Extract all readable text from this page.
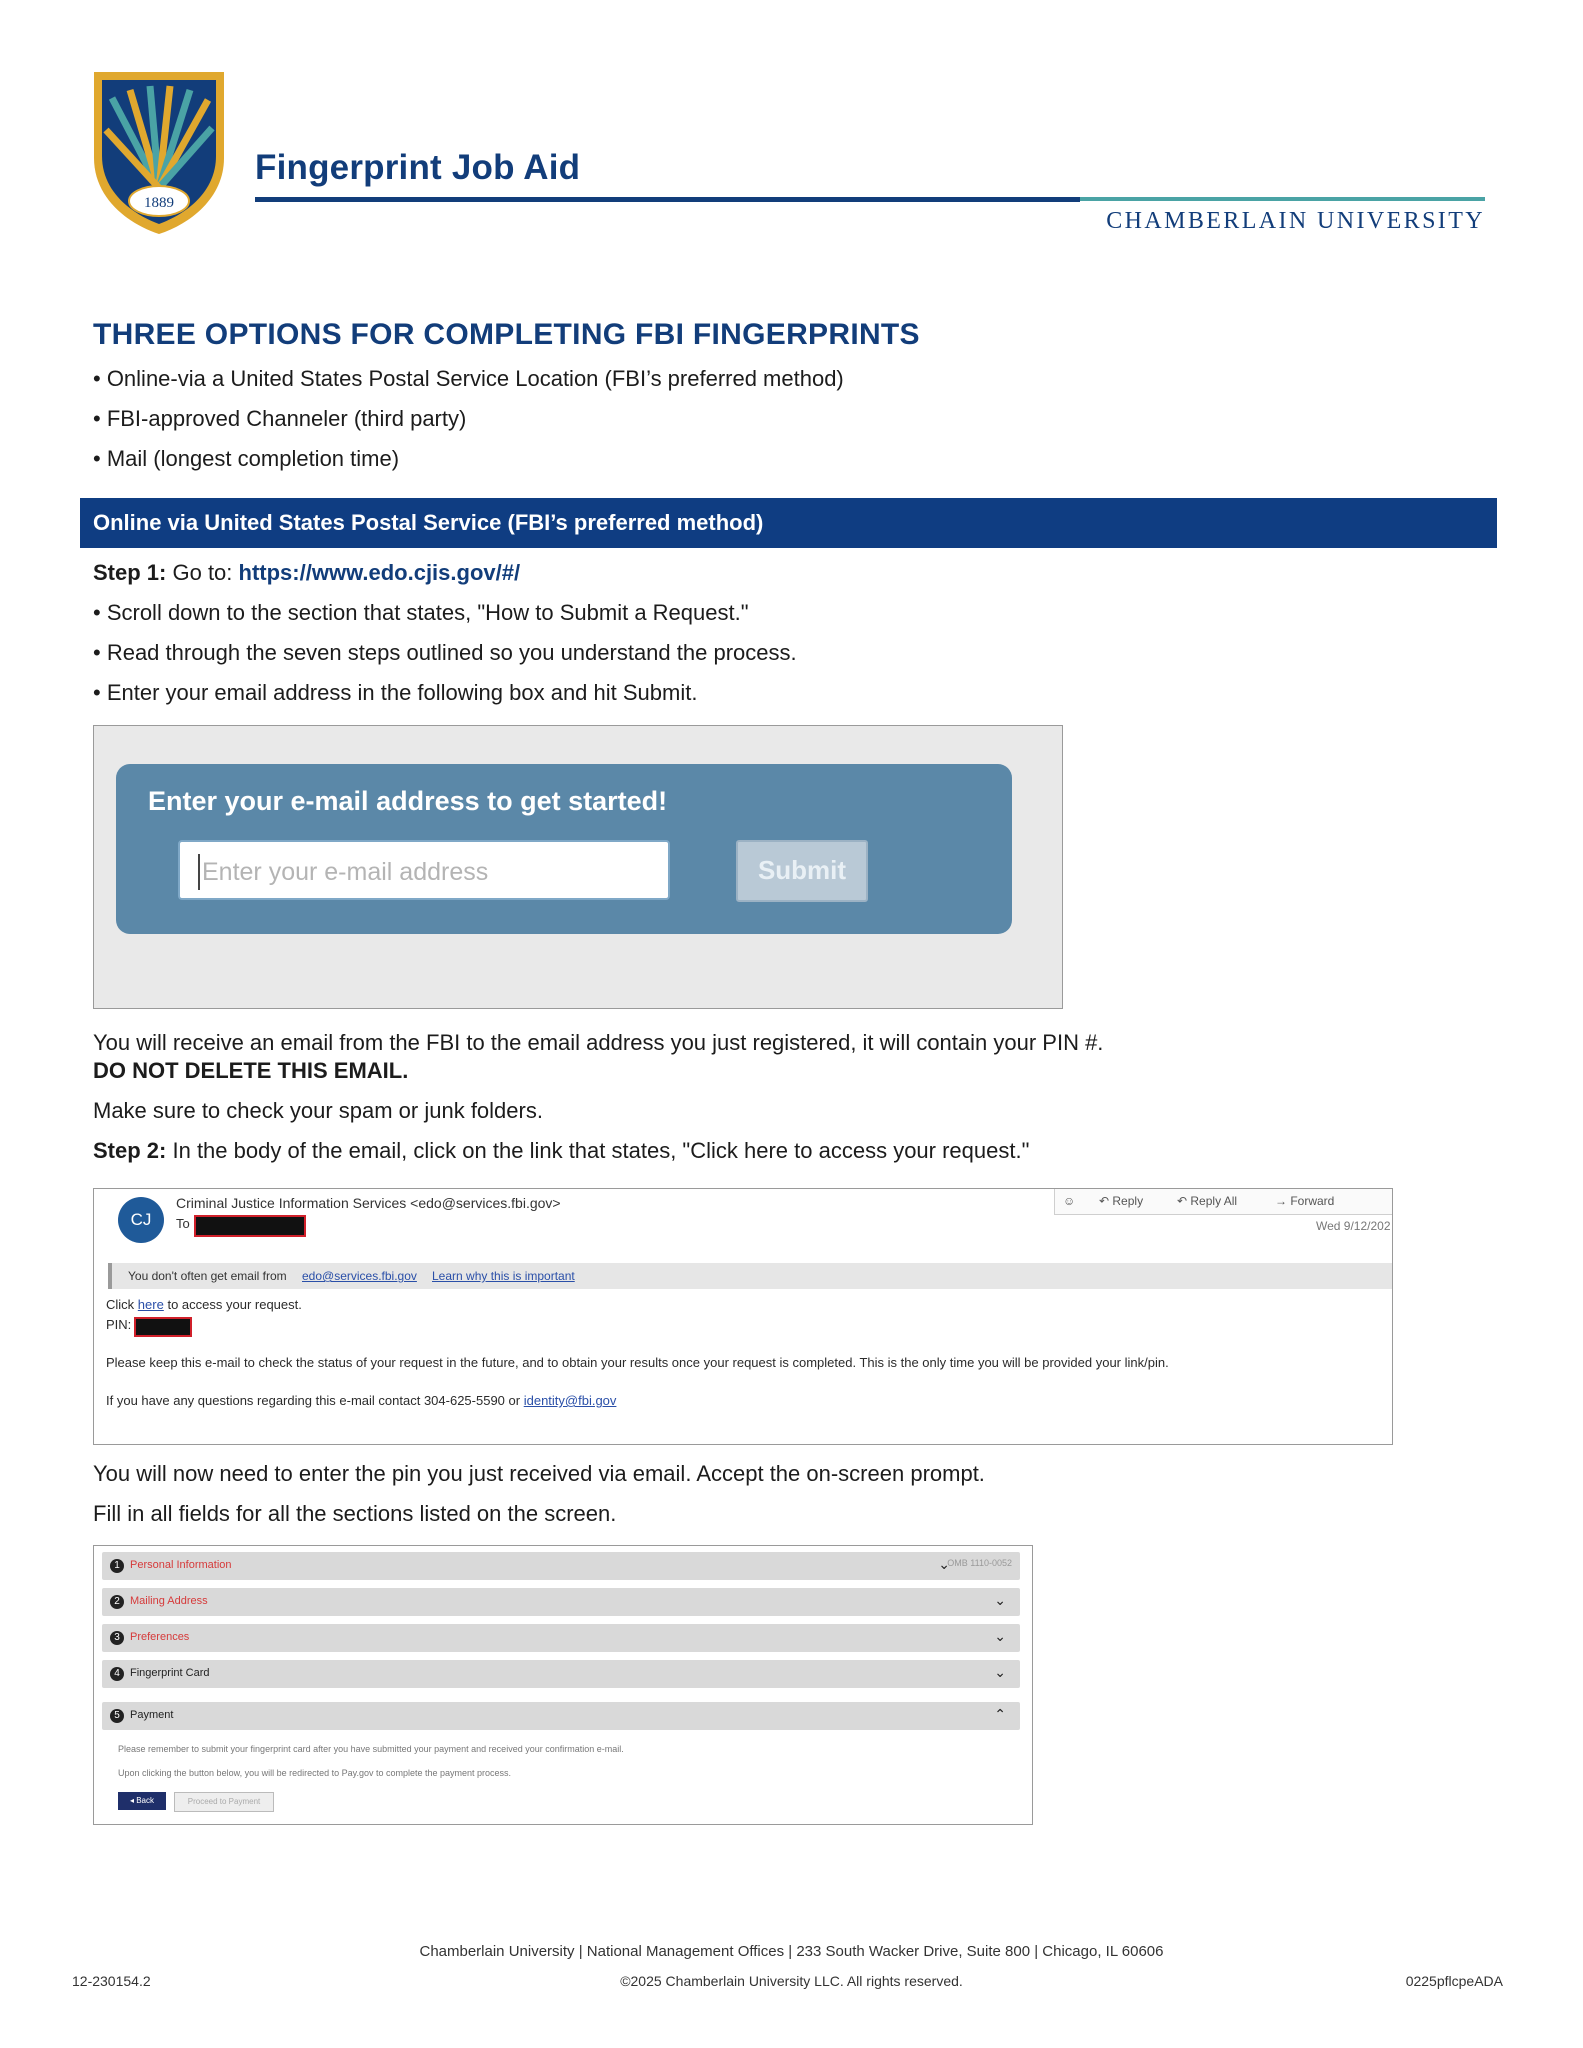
1889
Fingerprint Job Aid
CHAMBERLAIN UNIVERSITY
THREE OPTIONS FOR COMPLETING FBI FINGERPRINTS
• Online-via a United States Postal Service Location (FBI’s preferred method)
• FBI-approved Channeler (third party)
• Mail (longest completion time)
Online via United States Postal Service (FBI’s preferred method)
Step 1: Go to: https://www.edo.cjis.gov/#/
• Scroll down to the section that states, "How to Submit a Request."
• Read through the seven steps outlined so you understand the process.
• Enter your email address in the following box and hit Submit.
Enter your e-mail address to get started!
Enter your e-mail address	Submit
You will receive an email from the FBI to the email address you just registered, it will contain your PIN #.
DO NOT DELETE THIS EMAIL.
Make sure to check your spam or junk folders.
Step 2: In the body of the email, click on the link that states, "Click here to access your request."
CJ
Criminal Justice Information Services <edo@services.fbi.gov>
To
☺ ↶ Reply	↶ Reply All	→ Forward
Wed 9/12/202
You don't often get email from edo@services.fbi.gov Learn why this is important
Click here to access your request.
PIN:
Please keep this e-mail to check the status of your request in the future, and to obtain your results once your request is completed. This is the only time you will be provided your link/pin.
If you have any questions regarding this e-mail contact 304-625-5590 or identity@fbi.gov
You will now need to enter the pin you just received via email. Accept the on-screen prompt.
Fill in all fields for all the sections listed on the screen.
1 Personal Information	OMB 1110-0052
⌄
2 Mailing Address	⌄
3 Preferences	⌄
4 Fingerprint Card	⌄
5 Payment	⌃
Please remember to submit your fingerprint card after you have submitted your payment and received your confirmation e-mail.
Upon clicking the button below, you will be redirected to Pay.gov to complete the payment process.
◂ Back	Proceed to Payment
Chamberlain University | National Management Offices | 233 South Wacker Drive, Suite 800 | Chicago, IL 60606
12-230154.2	©2025 Chamberlain University LLC. All rights reserved.	0225pflcpeADA
